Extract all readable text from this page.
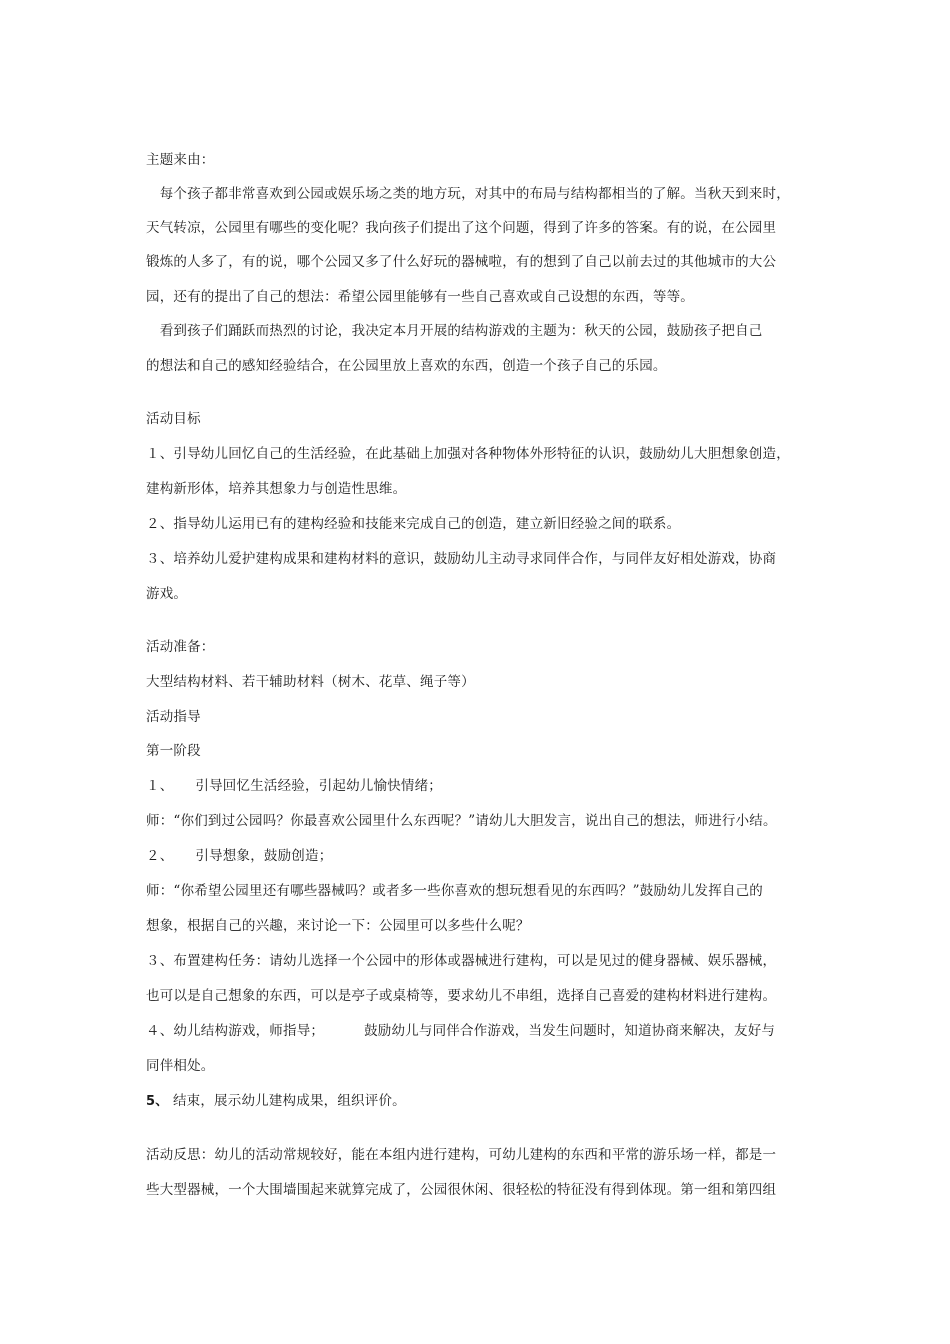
主题来由：
　每个孩子都非常喜欢到公园或娱乐场之类的地方玩，对其中的布局与结构都相当的了解。当秋天到来时，
天气转凉，公园里有哪些的变化呢？我向孩子们提出了这个问题，得到了许多的答案。有的说，在公园里
锻炼的人多了，有的说，哪个公园又多了什么好玩的器械啦，有的想到了自己以前去过的其他城市的大公
园，还有的提出了自己的想法：希望公园里能够有一些自己喜欢或自己设想的东西，等等。
　看到孩子们踊跃而热烈的讨论，我决定本月开展的结构游戏的主题为：秋天的公园，鼓励孩子把自己
的想法和自己的感知经验结合，在公园里放上喜欢的东西，创造一个孩子自己的乐园。
活动目标
１、引导幼儿回忆自己的生活经验，在此基础上加强对各种物体外形特征的认识，鼓励幼儿大胆想象创造，
建构新形体，培养其想象力与创造性思维。
２、指导幼儿运用已有的建构经验和技能来完成自己的创造，建立新旧经验之间的联系。
３、培养幼儿爱护建构成果和建构材料的意识，鼓励幼儿主动寻求同伴合作，与同伴友好相处游戏，协商
游戏。
活动准备：
大型结构材料、若干辅助材料（树木、花草、绳子等）
活动指导
第一阶段
１、 引导回忆生活经验，引起幼儿愉快情绪；
师：“你们到过公园吗？你最喜欢公园里什么东西呢？”请幼儿大胆发言，说出自己的想法，师进行小结。
２、 引导想象，鼓励创造；
师：“你希望公园里还有哪些器械吗？或者多一些你喜欢的想玩想看见的东西吗？”鼓励幼儿发挥自己的
想象，根据自己的兴趣，来讨论一下：公园里可以多些什么呢？
３、布置建构任务：请幼儿选择一个公园中的形体或器械进行建构，可以是见过的健身器械、娱乐器械，
也可以是自己想象的东西，可以是亭子或桌椅等，要求幼儿不串组，选择自己喜爱的建构材料进行建构。
４、幼儿结构游戏，师指导；	鼓励幼儿与同伴合作游戏，当发生问题时，知道协商来解决，友好与
同伴相处。
5、 结束，展示幼儿建构成果，组织评价。
活动反思：幼儿的活动常规较好，能在本组内进行建构，可幼儿建构的东西和平常的游乐场一样，都是一
些大型器械，一个大围墙围起来就算完成了，公园很休闲、很轻松的特征没有得到体现。第一组和第四组
